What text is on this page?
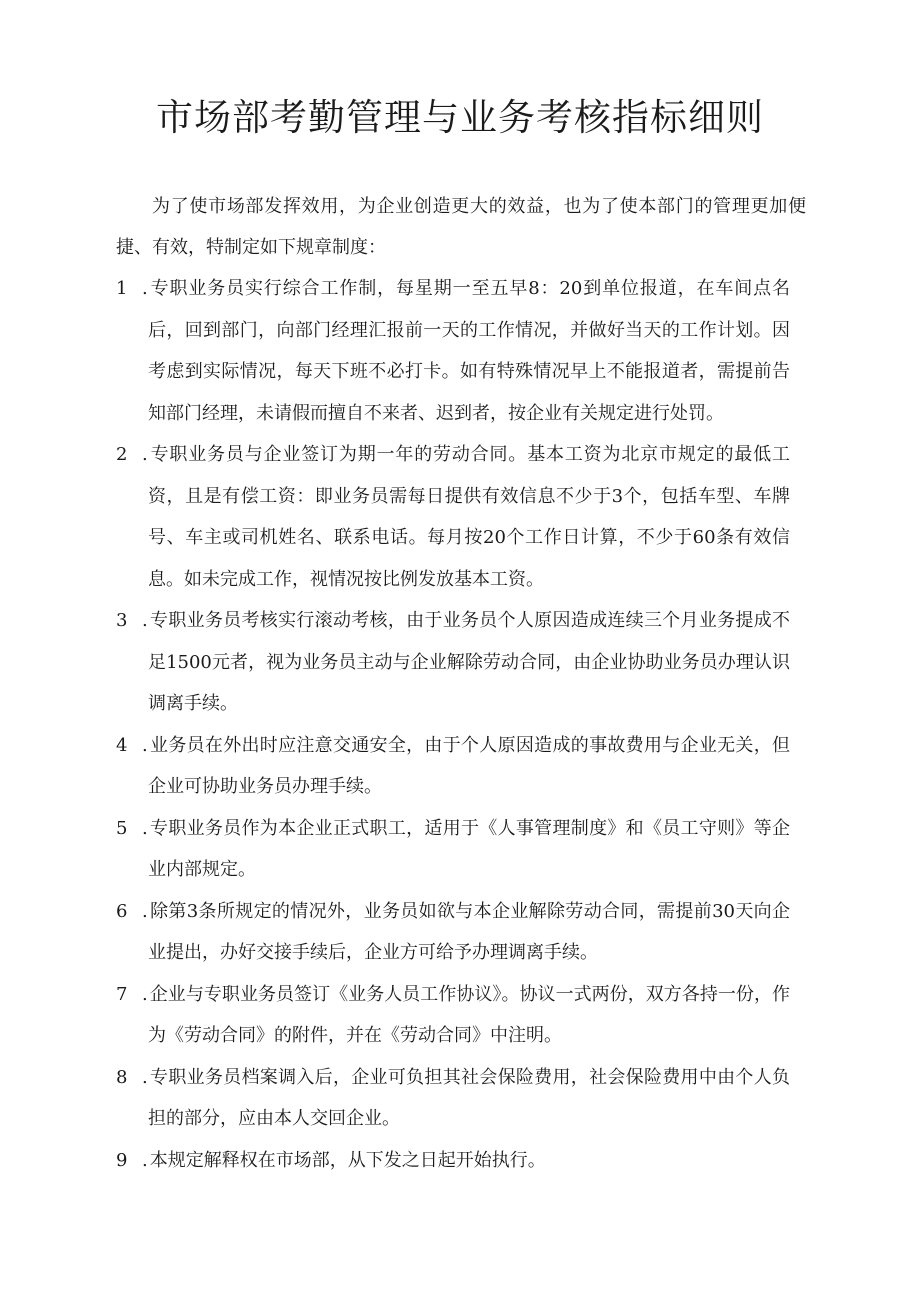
市场部考勤管理与业务考核指标细则

为了使市场部发挥效用，为企业创造更大的效益，也为了使本部门的管理更加便捷、有效，特制定如下规章制度：

1	. 专职业务员实行综合工作制，每星期一至五早8：20到单位报道，在车间点名后，回到部门，向部门经理汇报前一天的工作情况，并做好当天的工作计划。因考虑到实际情况，每天下班不必打卡。如有特殊情况早上不能报道者，需提前告知部门经理，未请假而擅自不来者、迟到者，按企业有关规定进行处罚。
2	. 专职业务员与企业签订为期一年的劳动合同。基本工资为北京市规定的最低工资，且是有偿工资：即业务员需每日提供有效信息不少于3个，包括车型、车牌号、车主或司机姓名、联系电话。每月按20个工作日计算，不少于60条有效信息。如未完成工作，视情况按比例发放基本工资。
3	. 专职业务员考核实行滚动考核，由于业务员个人原因造成连续三个月业务提成不足1500元者，视为业务员主动与企业解除劳动合同，由企业协助业务员办理认识调离手续。
4	. 业务员在外出时应注意交通安全，由于个人原因造成的事故费用与企业无关，但企业可协助业务员办理手续。
5	. 专职业务员作为本企业正式职工，适用于《人事管理制度》和《员工守则》等企业内部规定。
6	. 除第3条所规定的情况外，业务员如欲与本企业解除劳动合同，需提前30天向企业提出，办好交接手续后，企业方可给予办理调离手续。
7	. 企业与专职业务员签订《业务人员工作协议》。协议一式两份，双方各持一份，作为《劳动合同》的附件，并在《劳动合同》中注明。
8	. 专职业务员档案调入后，企业可负担其社会保险费用，社会保险费用中由个人负担的部分，应由本人交回企业。
9	. 本规定解释权在市场部，从下发之日起开始执行。
